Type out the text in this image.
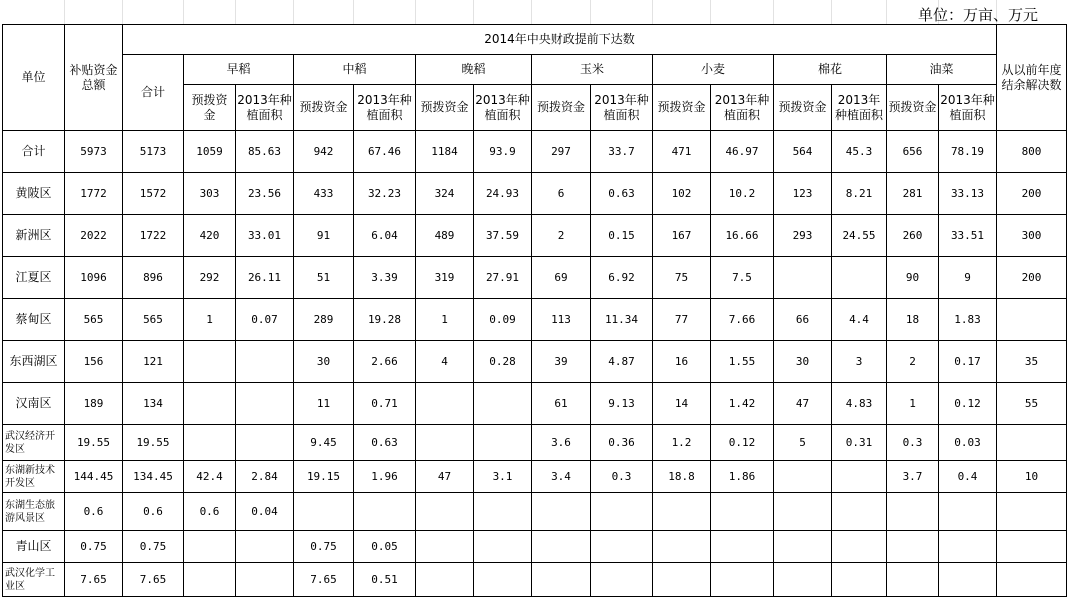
单位：万亩、万元
单位	补贴资金总额	2014年中央财政提前下达数															从以前年度结余解决数
		合计	早稻		中稻		晚稻		玉米		小麦		棉花		油菜		
			预拨资金	2013年种植面积	预拨资金	2013年种植面积	预拨资金	2013年种植面积	预拨资金	2013年种植面积	预拨资金	2013年种植面积	预拨资金	2013年种植面积	预拨资金	2013年种植面积	
合计	5973	5173	1059	85.63	942	67.46	1184	93.9	297	33.7	471	46.97	564	45.3	656	78.19	800
黄陂区	1772	1572	303	23.56	433	32.23	324	24.93	6	0.63	102	10.2	123	8.21	281	33.13	200
新洲区	2022	1722	420	33.01	91	6.04	489	37.59	2	0.15	167	16.66	293	24.55	260	33.51	300
江夏区	1096	896	292	26.11	51	3.39	319	27.91	69	6.92	75	7.5			90	9	200
蔡甸区	565	565	1	0.07	289	19.28	1	0.09	113	11.34	77	7.66	66	4.4	18	1.83	
东西湖区	156	121			30	2.66	4	0.28	39	4.87	16	1.55	30	3	2	0.17	35
汉南区	189	134			11	0.71			61	9.13	14	1.42	47	4.83	1	0.12	55
武汉经济开发区	19.55	19.55			9.45	0.63			3.6	0.36	1.2	0.12	5	0.31	0.3	0.03	
东湖新技术开发区	144.45	134.45	42.4	2.84	19.15	1.96	47	3.1	3.4	0.3	18.8	1.86			3.7	0.4	10
东湖生态旅游风景区	0.6	0.6	0.6	0.04													
青山区	0.75	0.75			0.75	0.05											
武汉化学工业区	7.65	7.65			7.65	0.51											
